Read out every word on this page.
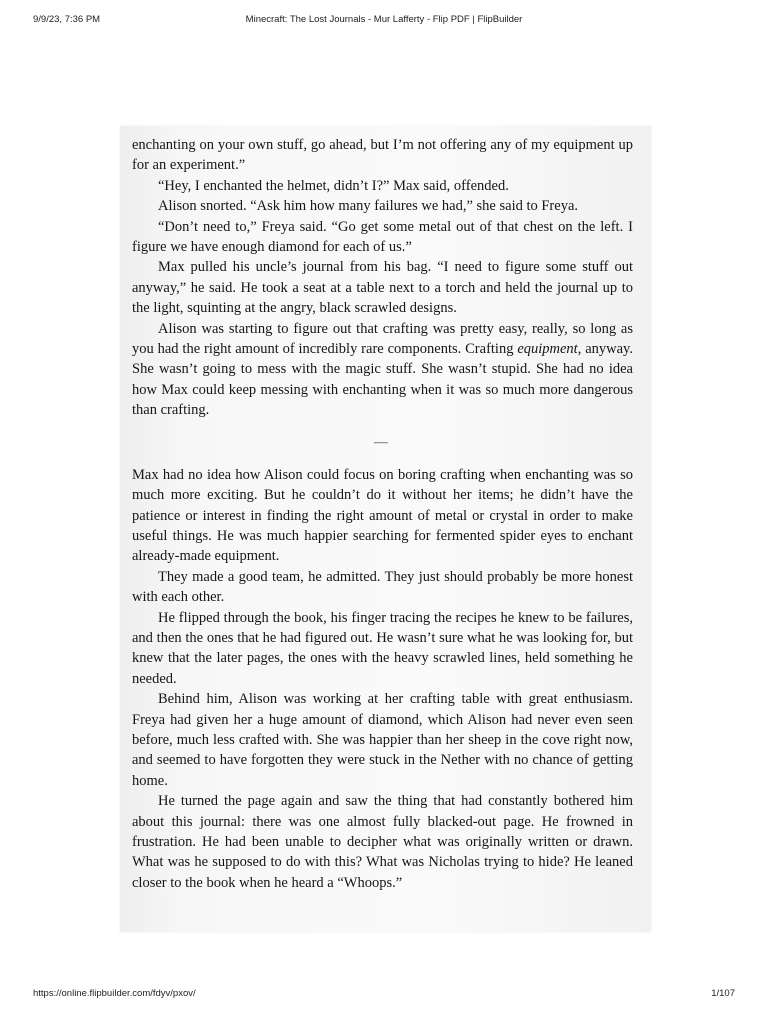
9/9/23, 7:36 PM	Minecraft: The Lost Journals - Mur Lafferty - Flip PDF | FlipBuilder

enchanting on your own stuff, go ahead, but I’m not offering any of my equipment up for an experiment.”

“Hey, I enchanted the helmet, didn’t I?” Max said, offended.

Alison snorted. “Ask him how many failures we had,” she said to Freya.

“Don’t need to,” Freya said. “Go get some metal out of that chest on the left. I figure we have enough diamond for each of us.”

Max pulled his uncle’s journal from his bag. “I need to figure some stuff out anyway,” he said. He took a seat at a table next to a torch and held the journal up to the light, squinting at the angry, black scrawled designs.

Alison was starting to figure out that crafting was pretty easy, really, so long as you had the right amount of incredibly rare components. Crafting equipment, anyway. She wasn’t going to mess with the magic stuff. She wasn’t stupid. She had no idea how Max could keep messing with enchanting when it was so much more dangerous than crafting.

—

Max had no idea how Alison could focus on boring crafting when enchanting was so much more exciting. But he couldn’t do it without her items; he didn’t have the patience or interest in finding the right amount of metal or crystal in order to make useful things. He was much happier searching for fermented spider eyes to enchant already-made equipment.

They made a good team, he admitted. They just should probably be more honest with each other.

He flipped through the book, his finger tracing the recipes he knew to be failures, and then the ones that he had figured out. He wasn’t sure what he was looking for, but knew that the later pages, the ones with the heavy scrawled lines, held something he needed.

Behind him, Alison was working at her crafting table with great enthusiasm. Freya had given her a huge amount of diamond, which Alison had never even seen before, much less crafted with. She was happier than her sheep in the cove right now, and seemed to have forgotten they were stuck in the Nether with no chance of getting home.

He turned the page again and saw the thing that had constantly bothered him about this journal: there was one almost fully blacked-out page. He frowned in frustration. He had been unable to decipher what was originally written or drawn. What was he supposed to do with this? What was Nicholas trying to hide? He leaned closer to the book when he heard a “Whoops.”

https://online.flipbuilder.com/fdyv/pxov/	1/107
